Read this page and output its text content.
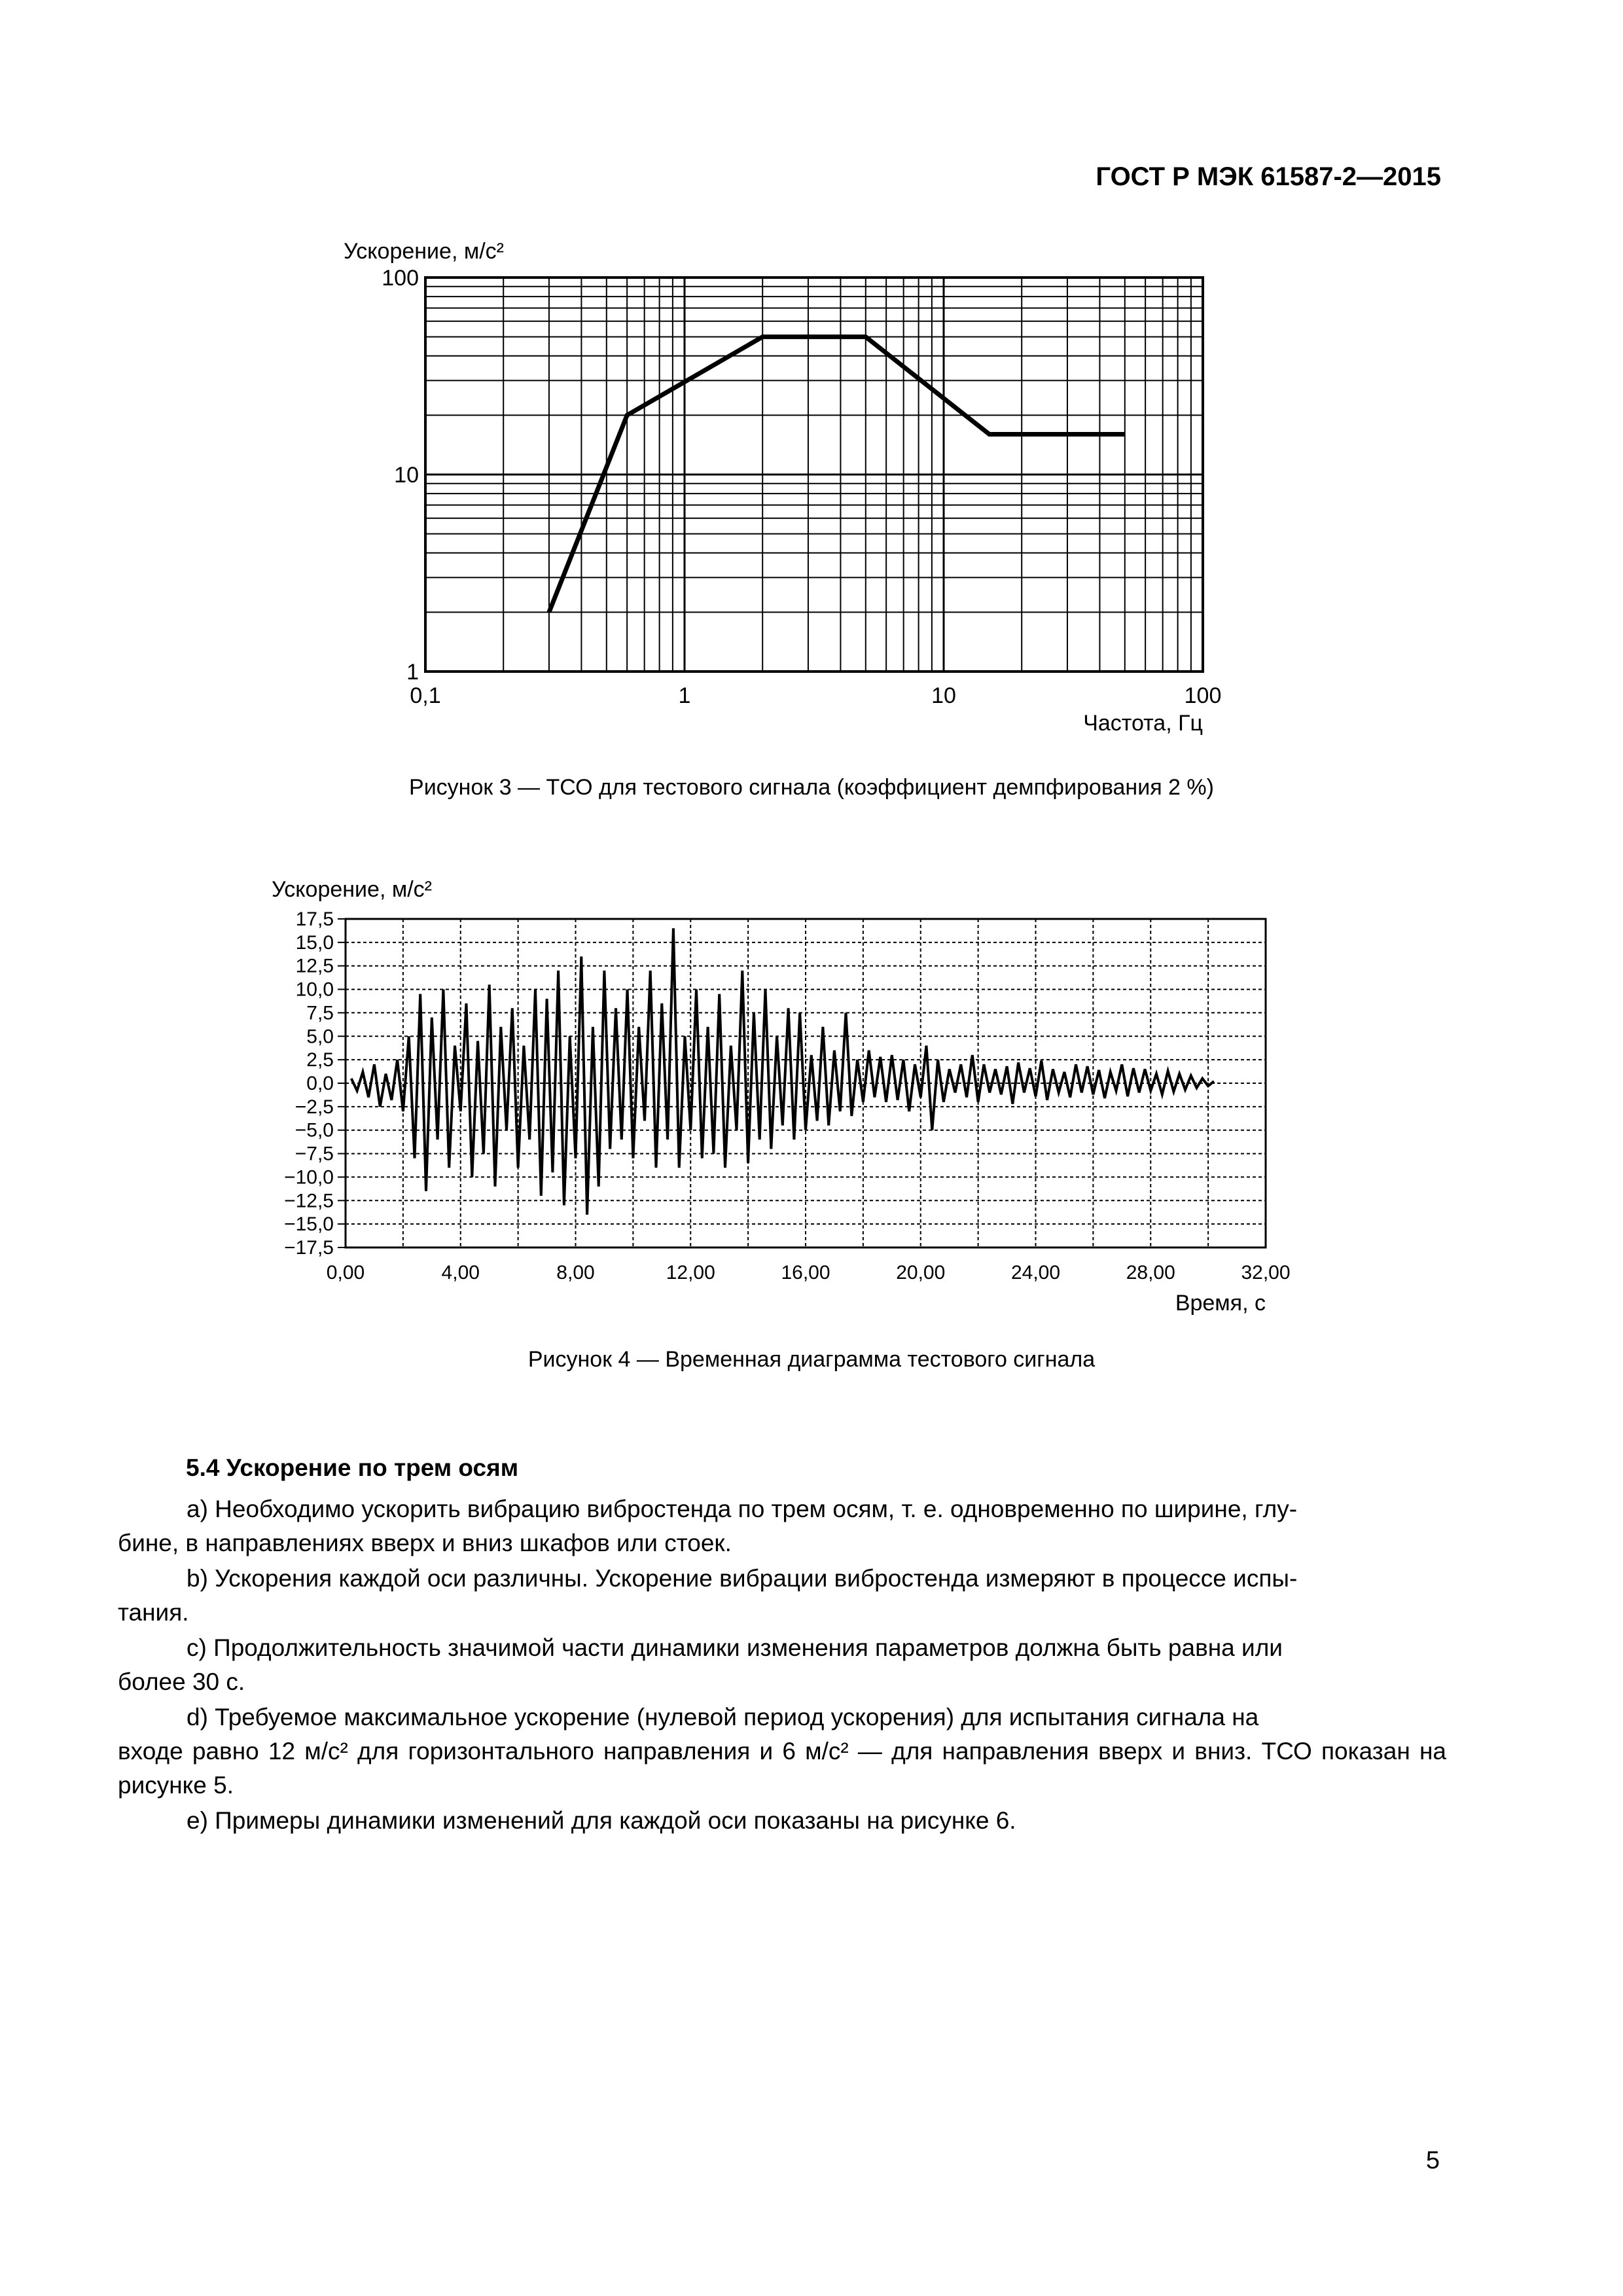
ГОСТ Р МЭК 61587-2—2015
0,1	1	10	100
1
10
100
Ускорение, м/с²
Частота, Гц
Рисунок 3 — ТСО для тестового сигнала (коэффициент демпфирования 2 %)
0,00	4,00	8,00	12,00	16,00	20,00	24,00	28,00	32,00
17,5
15,0
12,5
10,0
7,5
5,0
2,5
0,0
−2,5
−5,0
−7,5
−10,0
−12,5
−15,0
−17,5
Ускорение, м/с²
Время, с
Рисунок 4 — Временная диаграмма тестового сигнала
5.4 Ускорение по трем осям
а) Необходимо ускорить вибрацию вибростенда по трем осям, т. е. одновременно по ширине, глу-
бине, в направлениях вверх и вниз шкафов или стоек.
b) Ускорения каждой оси различны. Ускорение вибрации вибростенда измеряют в процессе испы-
тания.
с) Продолжительность значимой части динамики изменения параметров должна быть равна или
более 30 с.
d) Требуемое максимальное ускорение (нулевой период ускорения) для испытания сигнала на
входе равно 12 м/с² для горизонтального направления и 6 м/с² — для направления вверх и вниз. ТСО показан на рисунке 5.
е) Примеры динамики изменений для каждой оси показаны на рисунке 6.
5
